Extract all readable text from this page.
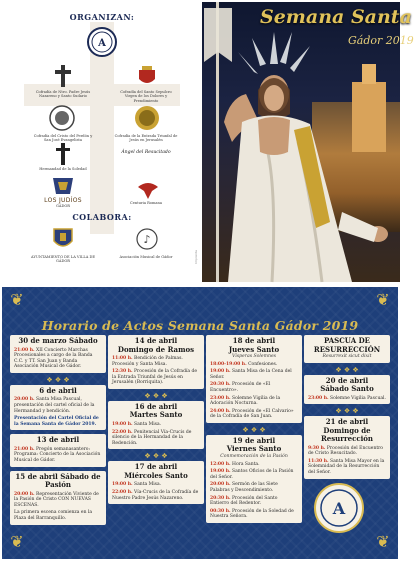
ORGANIZAN:
A
Cofradía de Ntro. Padre Jesús Nazareno y Santo Sudario
Cofradía del Santo Sepulcro Virgen de los Dolores y Prendimiento
Cofradía del Cristo del Perdón y San José Evangelista
Cofradía de la Entrada Triunfal de Jesús en Jerusalén
Hermandad de la Soledad
Ángel del Resucitado
LOS JUDÍOS
GÁDOR
Centuria Romana
COLABORA:
AYUNTAMIENTO DE LA VILLA DE GÁDOR
♪
Asociación Musical de Gádor	Imprenta
Semana Santa
Gádor 2019
❦	❦
❦	❦
Horario de Actos Semana Santa Gádor 2019
30 de marzo Sábado
21:00 h. XII Concierto Marchas Procesionales a cargo de la Banda C.C. y TT. San Juan y Banda Asociación Musical de Gádor.
❖ ❖ ❖
6 de abril
20:00 h. Santa Misa Pascual, presentación del cartel oficial de la Hermandad y bendición.
Presentación del Cartel Oficial de la Semana Santa de Gádor 2019.
13 de abril
21:00 h. Pregón semanasantero: Programa: Concierto de la Asociación Musical de Gádor.
15 de abril Sábado de Pasión
20:00 h. Representación Viviente de la Pasión de Cristo CON NUEVAS ESCENAS.
La primera escena comienza en la Plaza del Barranquillo.
14 de abril
Domingo de Ramos
11:00 h. Bendición de Palmas. Procesión y Santa Misa.
12:30 h. Procesión de la Cofradía de la Entrada Triunfal de Jesús en Jerusalén (Borriquita).
❖ ❖ ❖
16 de abril
Martes Santo
19:00 h. Santa Misa.
22:00 h. Penitencial Vía-Crucis de silencio de la Hermandad de la Redención.
❖ ❖ ❖
17 de abril
Miércoles Santo
19:00 h. Santa Misa.
22:00 h. Vía-Crucis de la Cofradía de Nuestro Padre Jesús Nazareno.
18 de abril
Jueves Santo
Vísperas Solemnes
18:00-19:00 h. Confesiones.
19:00 h. Santa Misa de la Cena del Señor.
20:30 h. Procesión de «El Encuentro».
23:00 h. Solemne Vigilia de la Adoración Nocturna.
24:00 h. Procesión de «El Calvario» de la Cofradía de San Juan.
❖ ❖ ❖
19 de abril
Viernes Santo
Conmemoración de la Pasión
12:00 h. Hora Santa.
19:00 h. Santos Oficios de la Pasión del Señor.
20:00 h. Sermón de las Siete Palabras y Descendimiento.
20:30 h. Procesión del Santo Entierro del Redentor.
00:30 h. Procesión de la Soledad de Nuestra Señora.
PASCUA DE RESURRECCIÓN
Resurrexit sicut dixit
❖ ❖ ❖
20 de abril
Sábado Santo
23:00 h. Solemne Vigilia Pascual.
❖ ❖ ❖
21 de abril
Domingo de Resurrección
9:30 h. Procesión del Encuentro de Cristo Resucitado.
11:30 h. Santa Misa Mayor en la Solemnidad de la Resurrección del Señor.
A
